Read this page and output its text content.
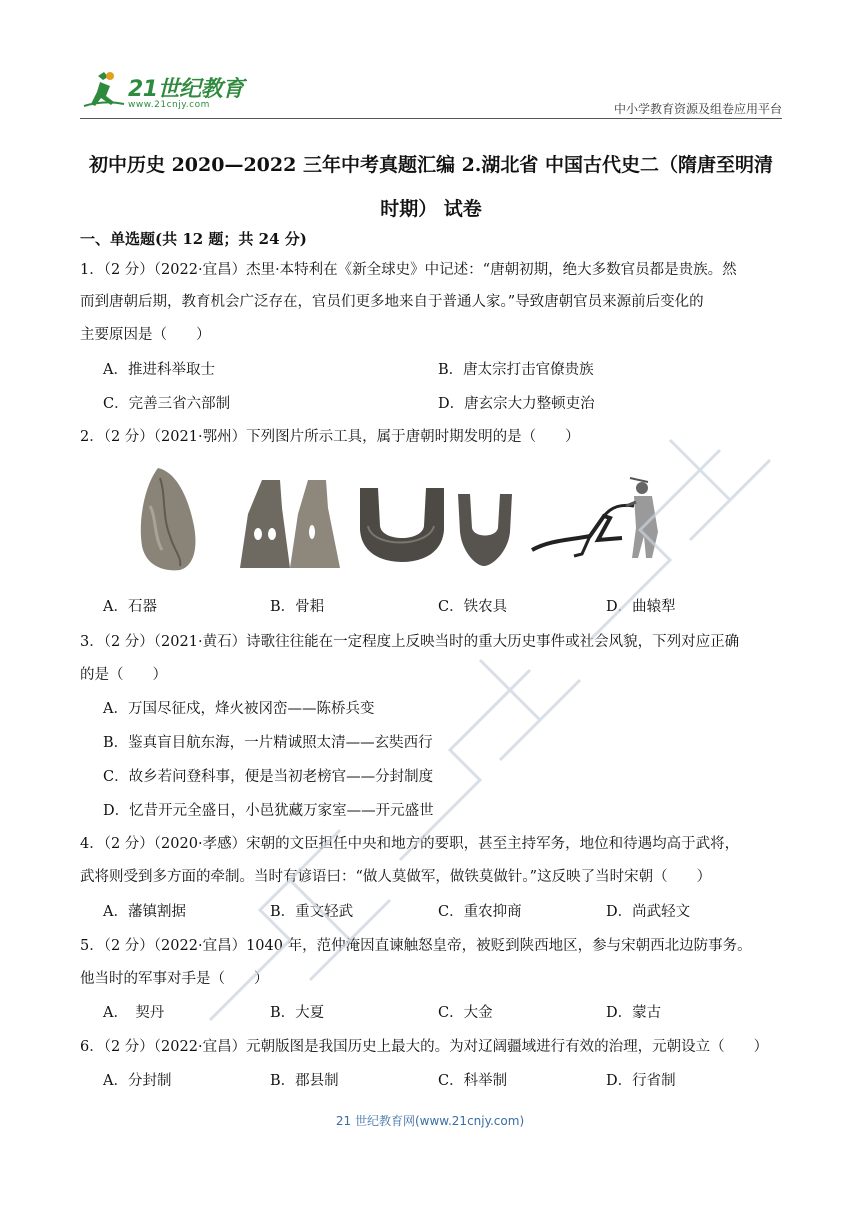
21世纪教育
www.21cnjy.com	中小学教育资源及组卷应用平台
初中历史 2020—2022 三年中考真题汇编 2.湖北省 中国古代史二（隋唐至明清
时期） 试卷
一、单选题(共 12 题；共 24 分)
1．（2 分）（2022·宜昌）杰里·本特利在《新全球史》中记述：“唐朝初期，绝大多数官员都是贵族。然
而到唐朝后期，教育机会广泛存在，官员们更多地来自于普通人家。”导致唐朝官员来源前后变化的
主要原因是（　　）
A．推进科举取士	B．唐太宗打击官僚贵族
C．完善三省六部制	D．唐玄宗大力整顿吏治
2．（2 分）（2021·鄂州）下列图片所示工具，属于唐朝时期发明的是（　　）
A．石器	B．骨耜	C．铁农具	D．曲辕犁
3．（2 分）（2021·黄石）诗歌往往能在一定程度上反映当时的重大历史事件或社会风貌，下列对应正确
的是（　　）
A．万国尽征戍，烽火被冈峦——陈桥兵变
B．鉴真盲目航东海，一片精诚照太清——玄奘西行
C．故乡若问登科事，便是当初老榜官——分封制度
D．忆昔开元全盛日，小邑犹藏万家室——开元盛世
4．（2 分）（2020·孝感）宋朝的文臣担任中央和地方的要职，甚至主持军务，地位和待遇均高于武将，
武将则受到多方面的牵制。当时有谚语曰：“做人莫做军，做铁莫做针。”这反映了当时宋朝（　　）
A．藩镇割据	B．重文轻武	C．重农抑商	D．尚武轻文
5．（2 分）（2022·宜昌）1040 年，范仲淹因直谏触怒皇帝，被贬到陕西地区，参与宋朝西北边防事务。
他当时的军事对手是（　　）
A．　契丹	B．大夏	C．大金	D．蒙古
6．（2 分）（2022·宜昌）元朝版图是我国历史上最大的。为对辽阔疆域进行有效的治理，元朝设立（　　）
A．分封制	B．郡县制	C．科举制	D．行省制
21 世纪教育网(www.21cnjy.com)
